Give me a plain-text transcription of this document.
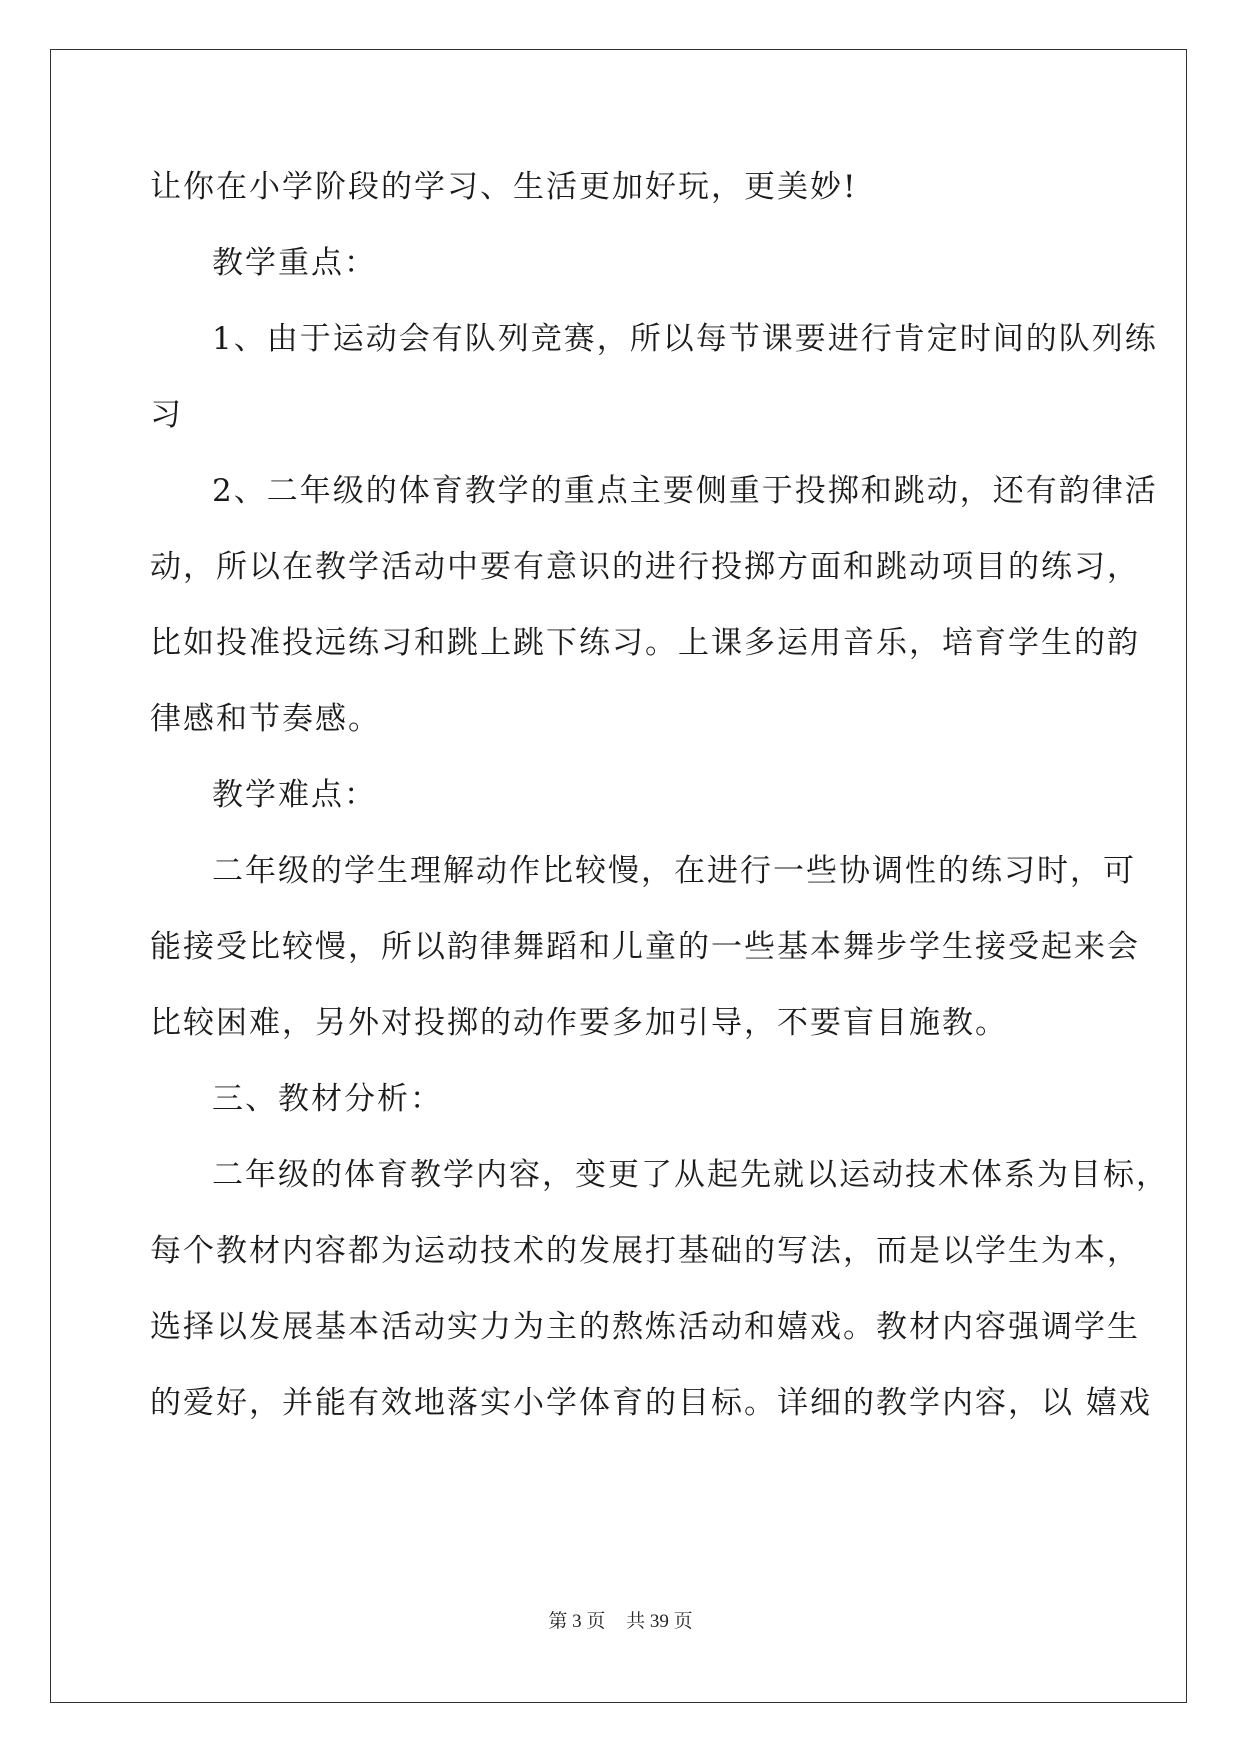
让你在小学阶段的学习、生活更加好玩，更美妙!
教学重点：
1、由于运动会有队列竞赛，所以每节课要进行肯定时间的队列练
习
2、二年级的体育教学的重点主要侧重于投掷和跳动，还有韵律活
动，所以在教学活动中要有意识的进行投掷方面和跳动项目的练习，
比如投准投远练习和跳上跳下练习。上课多运用音乐，培育学生的韵
律感和节奏感。
教学难点：
二年级的学生理解动作比较慢，在进行一些协调性的练习时，可
能接受比较慢，所以韵律舞蹈和儿童的一些基本舞步学生接受起来会
比较困难，另外对投掷的动作要多加引导，不要盲目施教。
三、教材分析：
二年级的体育教学内容，变更了从起先就以运动技术体系为目标，
每个教材内容都为运动技术的发展打基础的写法，而是以学生为本，
选择以发展基本活动实力为主的熬炼活动和嬉戏。教材内容强调学生
的爱好，并能有效地落实小学体育的目标。详细的教学内容，以 嬉戏
第 3 页 共 39 页
